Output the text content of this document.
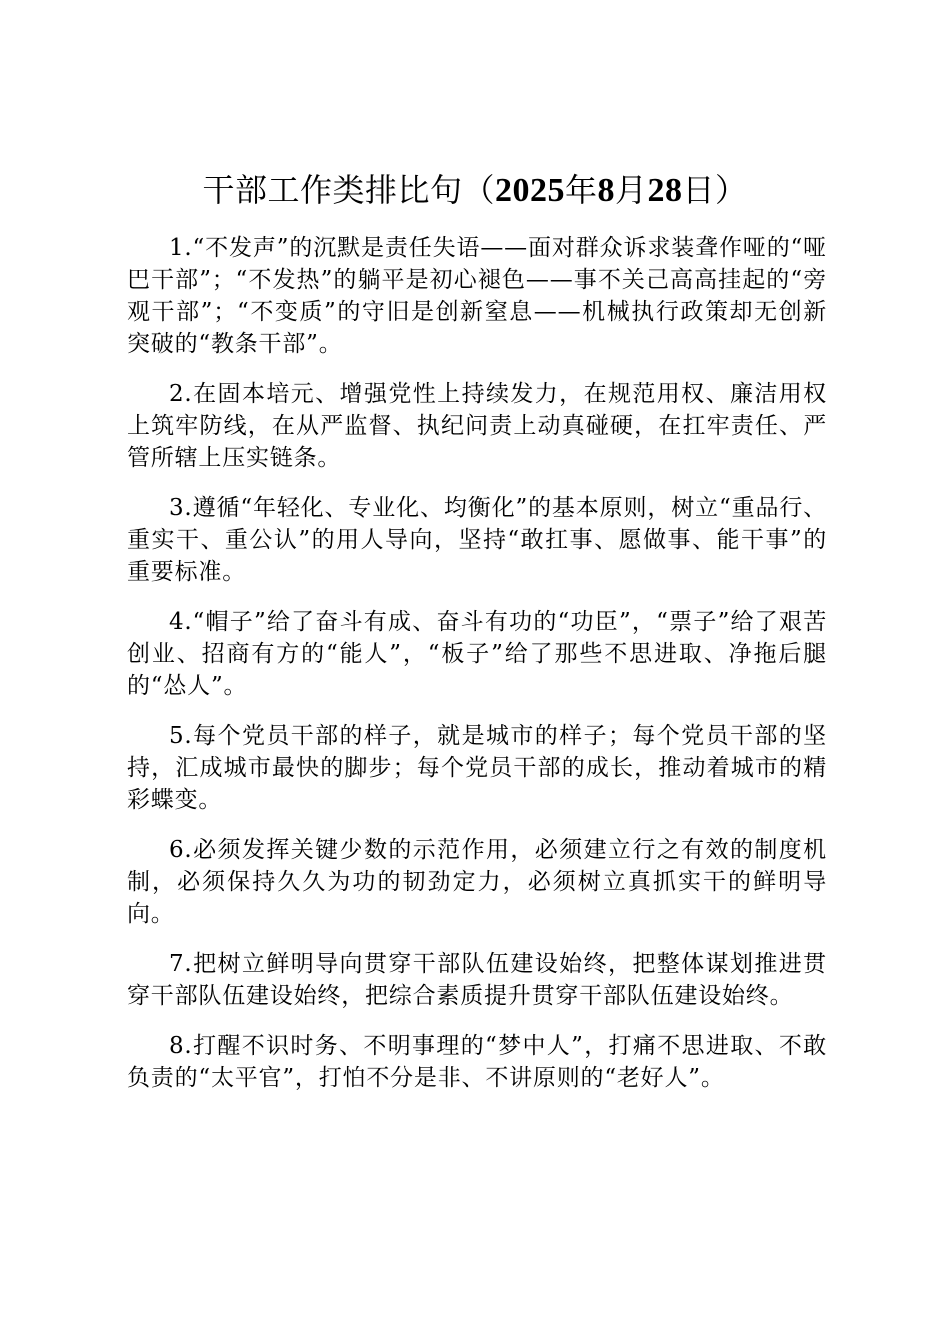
干部工作类排比句（2025年8月28日）

1.“不发声”的沉默是责任失语——面对群众诉求装聋作哑的“哑巴干部”；“不发热”的躺平是初心褪色——事不关己高高挂起的“旁观干部”；“不变质”的守旧是创新窒息——机械执行政策却无创新突破的“教条干部”。

2.在固本培元、增强党性上持续发力，在规范用权、廉洁用权上筑牢防线，在从严监督、执纪问责上动真碰硬，在扛牢责任、严管所辖上压实链条。

3.遵循“年轻化、专业化、均衡化”的基本原则，树立“重品行、重实干、重公认”的用人导向，坚持“敢扛事、愿做事、能干事”的重要标准。

4.“帽子”给了奋斗有成、奋斗有功的“功臣”，“票子”给了艰苦创业、招商有方的“能人”，“板子”给了那些不思进取、净拖后腿的“怂人”。

5.每个党员干部的样子，就是城市的样子；每个党员干部的坚持，汇成城市最快的脚步；每个党员干部的成长，推动着城市的精彩蝶变。

6.必须发挥关键少数的示范作用，必须建立行之有效的制度机制，必须保持久久为功的韧劲定力，必须树立真抓实干的鲜明导向。

7.把树立鲜明导向贯穿干部队伍建设始终，把整体谋划推进贯穿干部队伍建设始终，把综合素质提升贯穿干部队伍建设始终。

8.打醒不识时务、不明事理的“梦中人”，打痛不思进取、不敢负责的“太平官”，打怕不分是非、不讲原则的“老好人”。
